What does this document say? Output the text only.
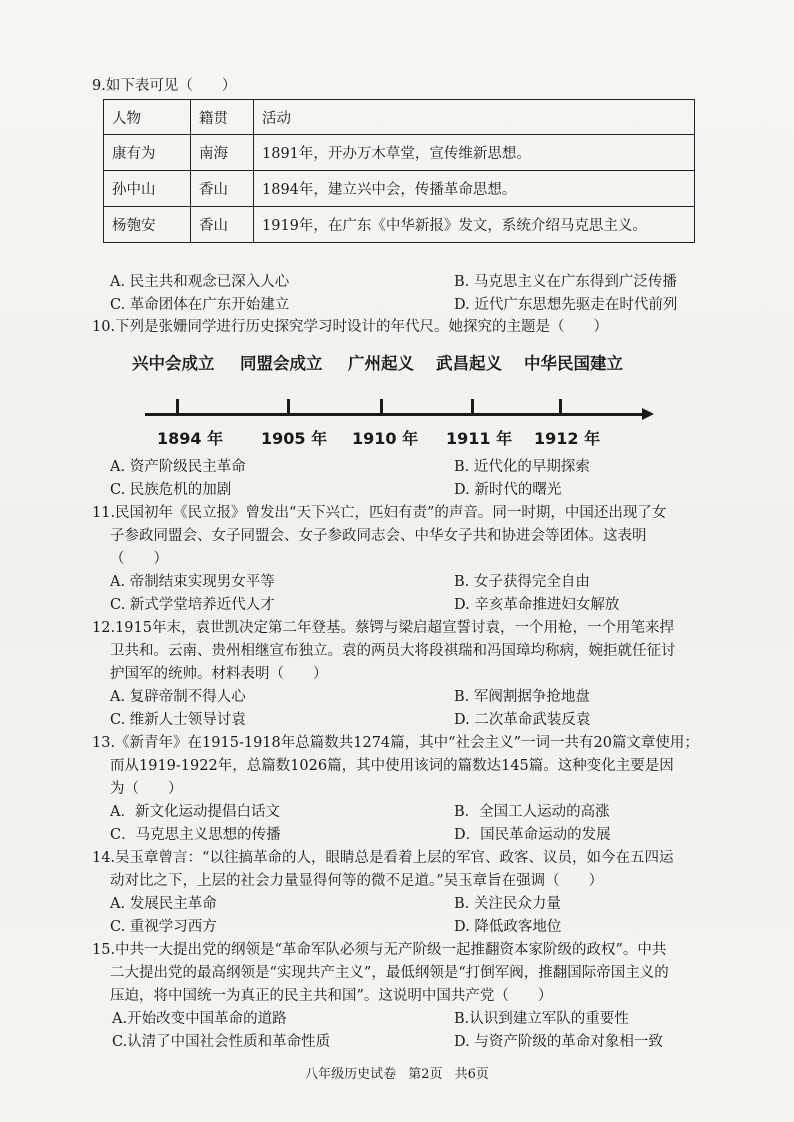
9.如下表可见（　　）
人物	籍贯	活动
康有为	南海	1891年，开办万木草堂，宣传维新思想。
孙中山	香山	1894年，建立兴中会，传播革命思想。
杨匏安	香山	1919年，在广东《中华新报》发文，系统介绍马克思主义。
A. 民主共和观念已深入人心	B. 马克思主义在广东得到广泛传播
C. 革命团体在广东开始建立	D. 近代广东思想先驱走在时代前列
10.下列是张姗同学进行历史探究学习时设计的年代尺。她探究的主题是（　　）
兴中会成立 同盟会成立 广州起义 武昌起义 中华民国建立
1894 年 1905 年 1910 年 1911 年 1912 年
A. 资产阶级民主革命	B. 近代化的早期探索
C. 民族危机的加剧	D. 新时代的曙光
11.民国初年《民立报》曾发出“天下兴亡，匹妇有责”的声音。同一时期，中国还出现了女
子参政同盟会、女子同盟会、女子参政同志会、中华女子共和协进会等团体。这表明
（　　）
A. 帝制结束实现男女平等	B. 女子获得完全自由
C. 新式学堂培养近代人才	D. 辛亥革命推进妇女解放
12.1915年末，袁世凯决定第二年登基。蔡锷与梁启超宣誓讨袁，一个用枪，一个用笔来捍
卫共和。云南、贵州相继宣布独立。袁的两员大将段祺瑞和冯国璋均称病，婉拒就任征讨
护国军的统帅。材料表明（　　）
A. 复辟帝制不得人心	B. 军阀割据争抢地盘
C. 维新人士领导讨袁	D. 二次革命武装反袁
13.《新青年》在1915-1918年总篇数共1274篇，其中“社会主义”一词一共有20篇文章使用；
而从1919-1922年，总篇数1026篇，其中使用该词的篇数达145篇。这种变化主要是因
为（　　）
A．新文化运动提倡白话文	B．全国工人运动的高涨
C．马克思主义思想的传播	D．国民革命运动的发展
14.吴玉章曾言：“以往搞革命的人，眼睛总是看着上层的军官、政客、议员，如今在五四运
动对比之下，上层的社会力量显得何等的微不足道。”吴玉章旨在强调（　　）
A. 发展民主革命	B. 关注民众力量
C. 重视学习西方	D. 降低政客地位
15.中共一大提出党的纲领是“革命军队必须与无产阶级一起推翻资本家阶级的政权”。中共
二大提出党的最高纲领是“实现共产主义”，最低纲领是“打倒军阀，推翻国际帝国主义的
压迫，将中国统一为真正的民主共和国”。这说明中国共产党（　　）
A.开始改变中国革命的道路	B.认识到建立军队的重要性
C.认清了中国社会性质和革命性质	D. 与资产阶级的革命对象相一致
八年级历史试卷 第2页 共6页
